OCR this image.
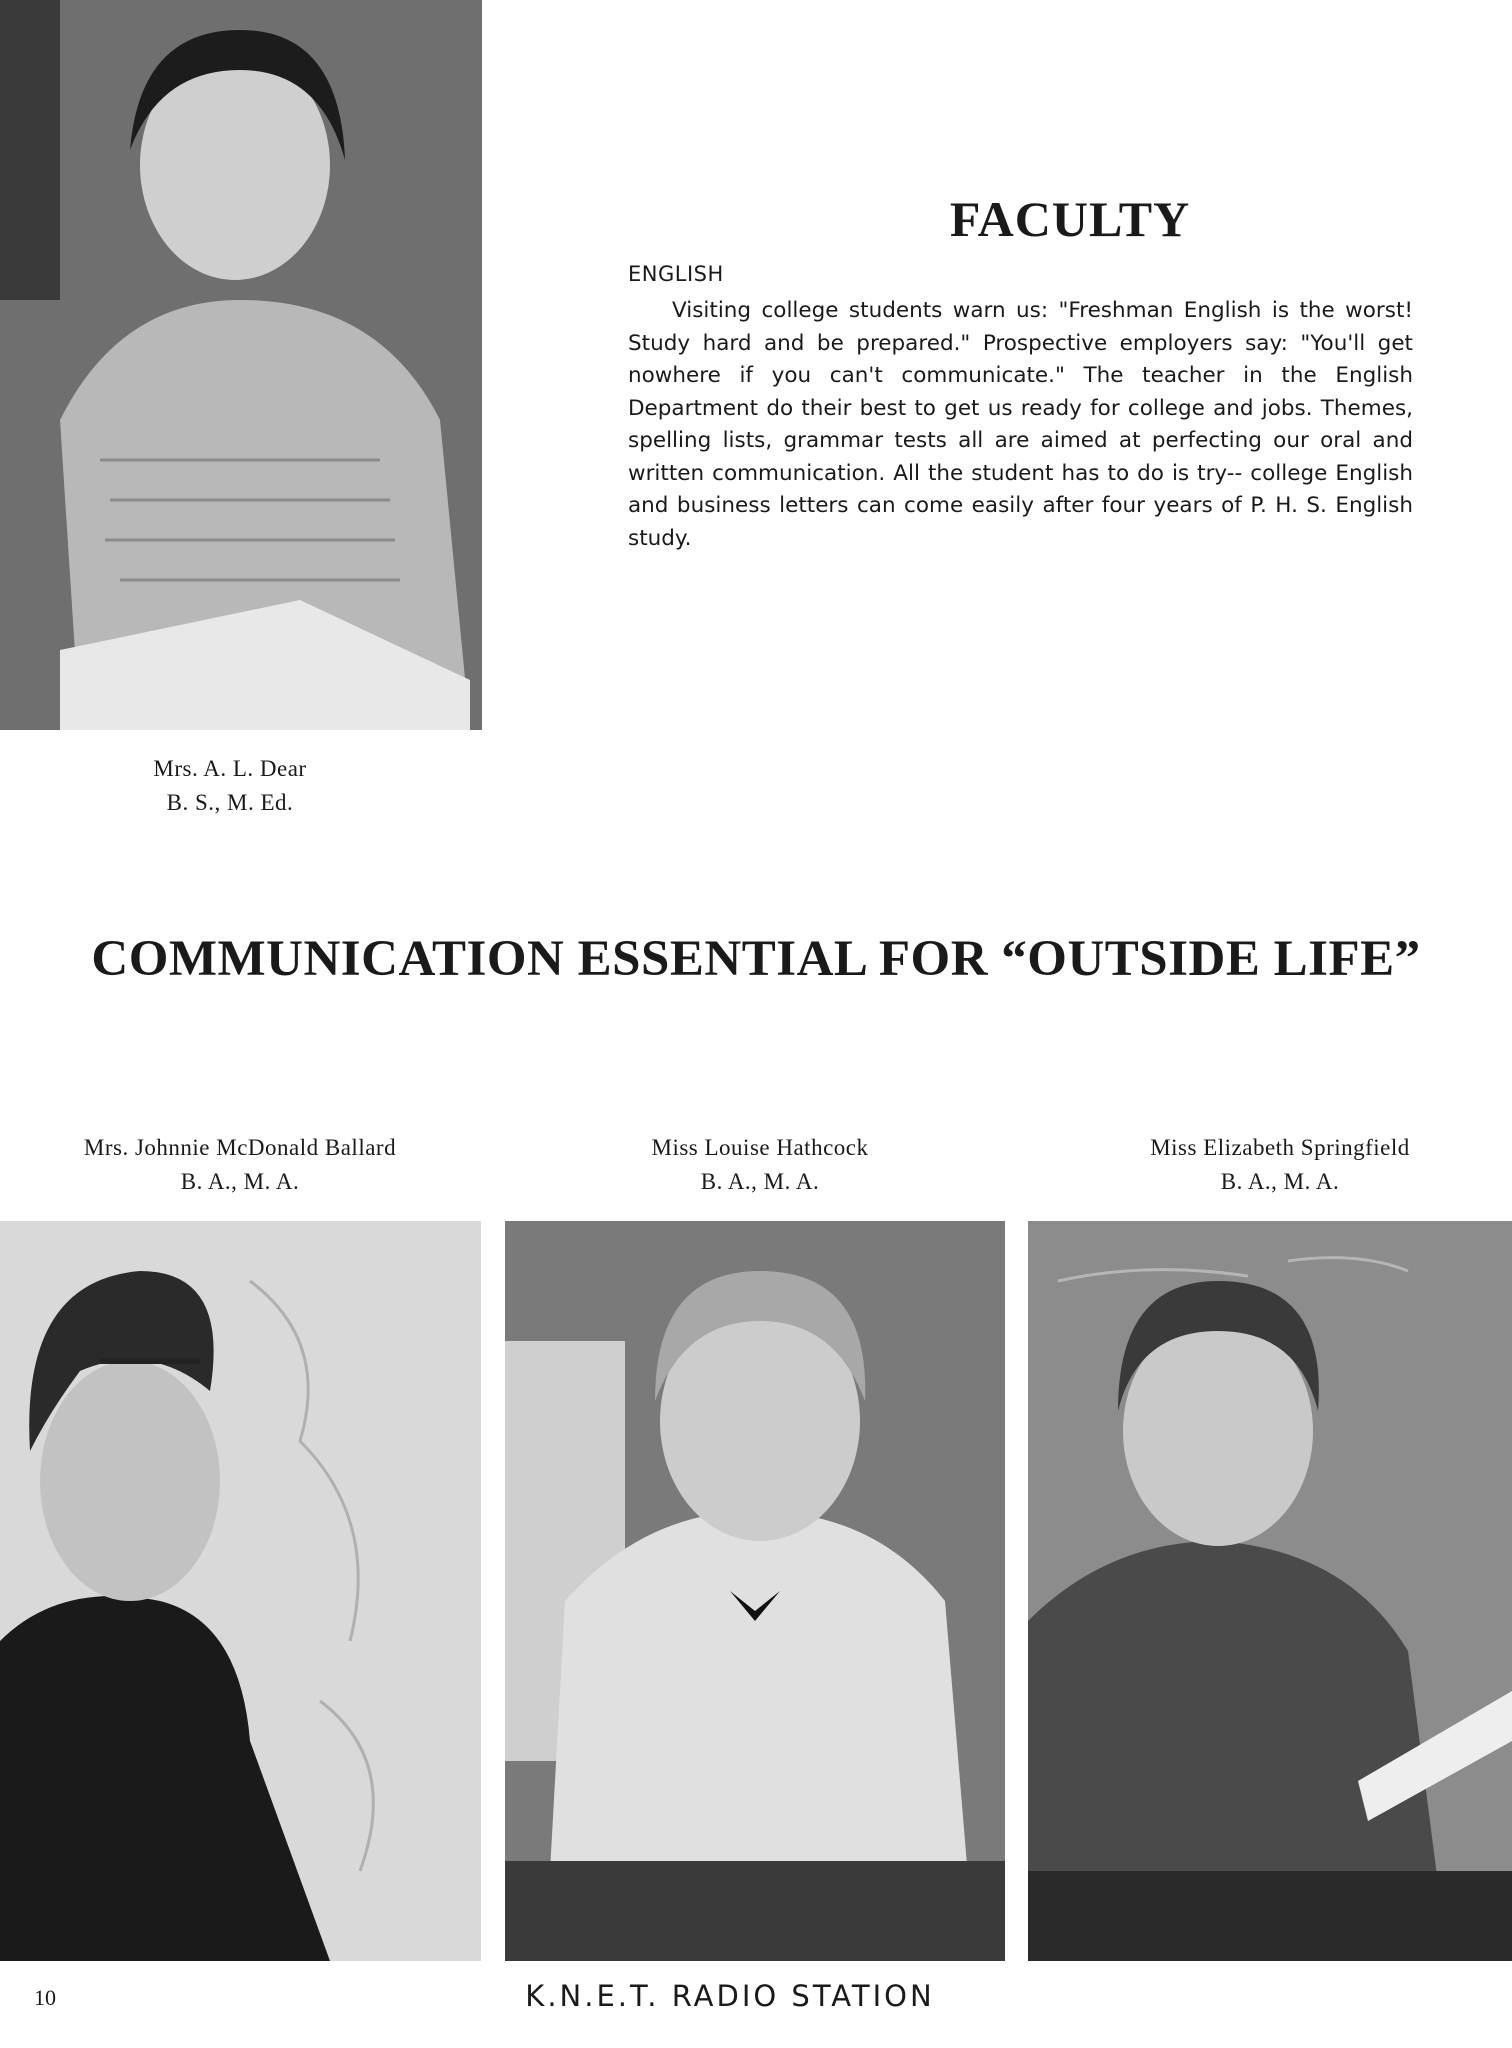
FACULTY

ENGLISH

Visiting college students warn us: "Freshman English is the worst! Study hard and be prepared." Prospective employers say: "You'll get nowhere if you can't communicate." The teacher in the English Department do their best to get us ready for college and jobs. Themes, spelling lists, grammar tests all are aimed at perfecting our oral and written communication. All the student has to do is try-- college English and business letters can come easily after four years of P. H. S. English study.

Mrs. A. L. Dear
B. S., M. Ed.

COMMUNICATION ESSENTIAL FOR “OUTSIDE LIFE”

Mrs. Johnnie McDonald Ballard
B. A., M. A.

Miss Louise Hathcock
B. A., M. A.

Miss Elizabeth Springfield
B. A., M. A.

10	K.N.E.T. RADIO STATION
